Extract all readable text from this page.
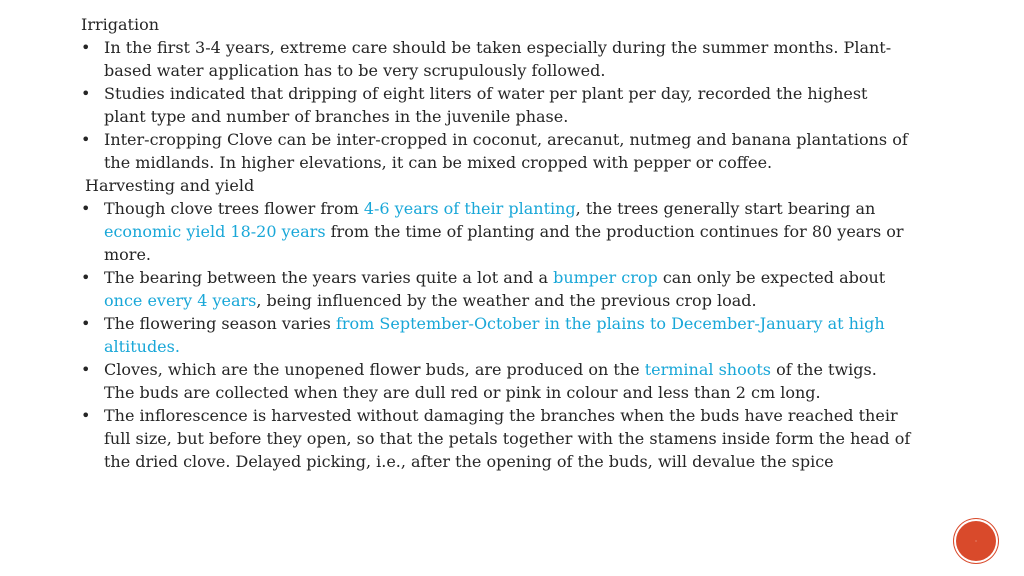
Irrigation
• In the first 3-4 years, extreme care should be taken especially during the summer months. Plant-based water application has to be very scrupulously followed.
• Studies indicated that dripping of eight liters of water per plant per day, recorded the highest plant type and number of branches in the juvenile phase.
• Inter-cropping Clove can be inter-cropped in coconut, arecanut, nutmeg and banana plantations of the midlands. In higher elevations, it can be mixed cropped with pepper or coffee.
Harvesting and yield
• Though clove trees flower from 4-6 years of their planting, the trees generally start bearing an economic yield 18-20 years from the time of planting and the production continues for 80 years or more.
• The bearing between the years varies quite a lot and a bumper crop can only be expected about once every 4 years, being influenced by the weather and the previous crop load.
• The flowering season varies from September-October in the plains to December-January at high altitudes.
• Cloves, which are the unopened flower buds, are produced on the terminal shoots of the twigs. The buds are collected when they are dull red or pink in colour and less than 2 cm long.
• The inflorescence is harvested without damaging the branches when the buds have reached their full size, but before they open, so that the petals together with the stamens inside form the head of the dried clove. Delayed picking, i.e., after the opening of the buds, will devalue the spice
·
